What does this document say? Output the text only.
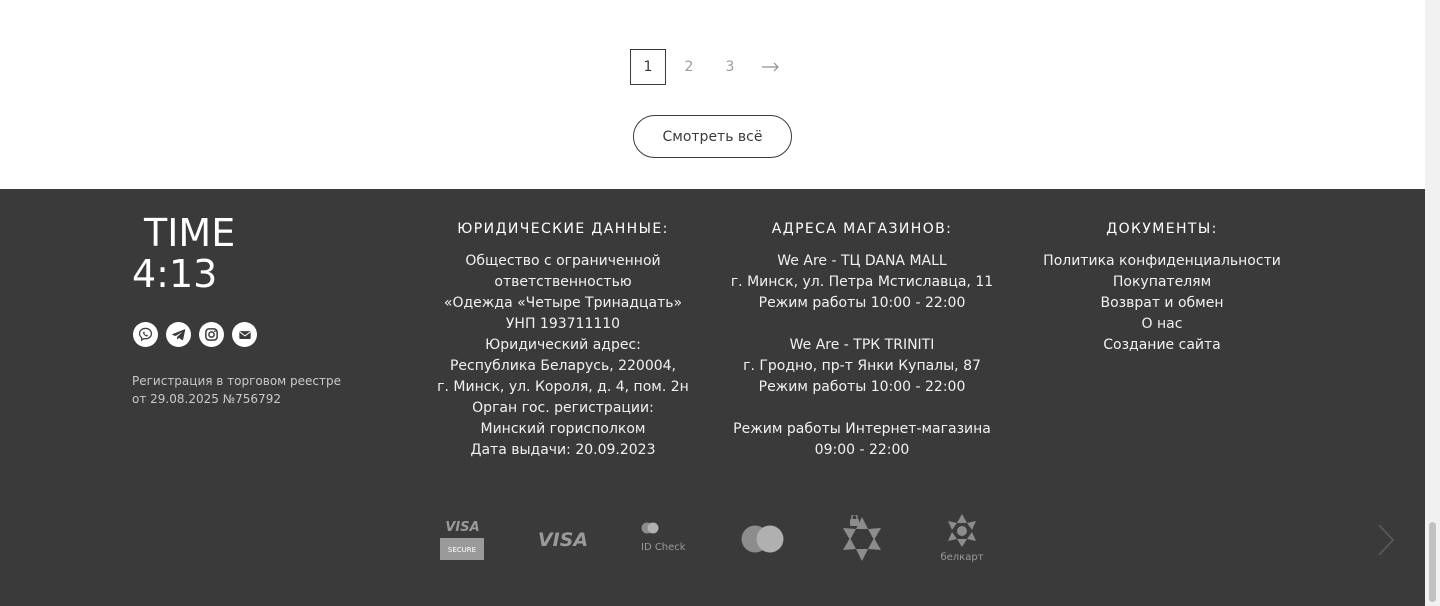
1	2	3
Смотреть всё
TIME
4:13
Регистрация в торговом реестре
от 29.08.2025 №756792
ЮРИДИЧЕСКИЕ ДАННЫЕ:
Общество с ограниченной
ответственностью
«Одежда «Четыре Тринадцать»
УНП 193711110
Юридический адрес:
Республика Беларусь, 220004,
г. Минск, ул. Короля, д. 4, пом. 2н
Орган гос. регистрации:
Минский горисполком
Дата выдачи: 20.09.2023
АДРЕСА МАГАЗИНОВ:
We Are - ТЦ DANA MALL
г. Минск, ул. Петра Мстиславца, 11
Режим работы 10:00 - 22:00
We Are - ТРК TRINITI
г. Гродно, пр-т Янки Купалы, 87
Режим работы 10:00 - 22:00
Режим работы Интернет-магазина
09:00 - 22:00
ДОКУМЕНТЫ:
Политика конфиденциальности
Покупателям
Возврат и обмен
О нас
Создание сайта
VISA
SECURE	VISA	ID Check
белкарт
